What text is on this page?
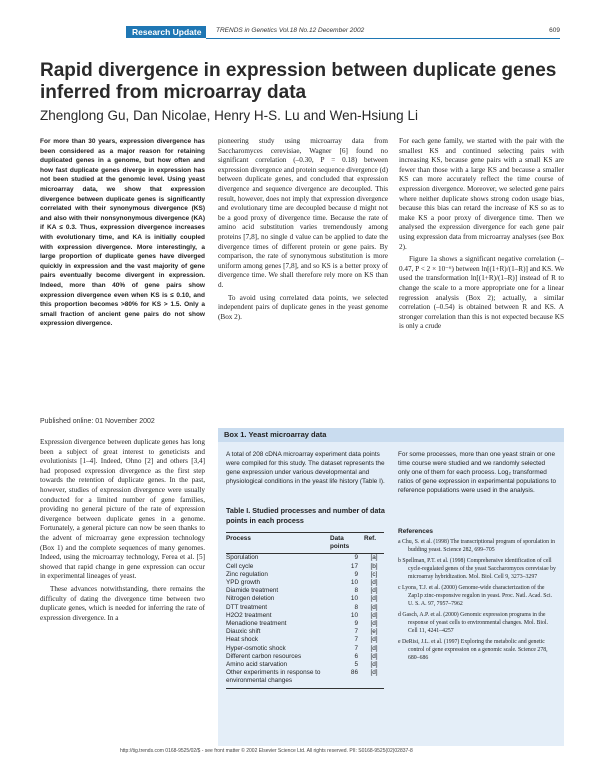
Research Update	TRENDS in Genetics Vol.18 No.12 December 2002	609
Rapid divergence in expression between duplicate genes inferred from microarray data
Zhenglong Gu, Dan Nicolae, Henry H-S. Lu and Wen-Hsiung Li
For more than 30 years, expression divergence has been considered as a major reason for retaining duplicated genes in a genome, but how often and how fast duplicate genes diverge in expression has not been studied at the genomic level. Using yeast microarray data, we show that expression divergence between duplicate genes is significantly correlated with their synonymous divergence (KS) and also with their nonsynonymous divergence (KA) if KA ≤ 0.3. Thus, expression divergence increases with evolutionary time, and KA is initially coupled with expression divergence. More interestingly, a large proportion of duplicate genes have diverged quickly in expression and the vast majority of gene pairs eventually become divergent in expression. Indeed, more than 40% of gene pairs show expression divergence even when KS is ≤ 0.10, and this proportion becomes >80% for KS > 1.5. Only a small fraction of ancient gene pairs do not show expression divergence.
Published online: 01 November 2002

Expression divergence between duplicate genes has long been a subject of great interest to geneticists and evolutionists [1–4]. Indeed, Ohno [2] and others [3,4] had proposed expression divergence as the first step towards the retention of duplicate genes. In the past, however, studies of expression divergence were usually conducted for a limited number of gene families, providing no general picture of the rate of expression divergence between duplicate genes in a genome. Fortunately, a general picture can now be seen thanks to the advent of microarray gene expression technology (Box 1) and the complete sequences of many genomes. Indeed, using the microarray technology, Ferea et al. [5] showed that rapid change in gene expression can occur in experimental lineages of yeast.

These advances notwithstanding, there remains the difficulty of dating the divergence time between two duplicate genes, which is needed for inferring the rate of expression divergence. In a

pioneering study using microarray data from Saccharomyces cerevisiae, Wagner [6] found no significant correlation (–0.30, P = 0.18) between expression divergence and protein sequence divergence (d) between duplicate genes, and concluded that expression divergence and sequence divergence are decoupled. This result, however, does not imply that expression divergence and evolutionary time are decoupled because d might not be a good proxy of divergence time. Because the rate of amino acid substitution varies tremendously among proteins [7,8], no single d value can be applied to date the divergence times of different protein or gene pairs. By comparison, the rate of synonymous substitution is more uniform among genes [7,8], and so KS is a better proxy of divergence time. We shall therefore rely more on KS than d.

To avoid using correlated data points, we selected independent pairs of duplicate genes in the yeast genome (Box 2).

For each gene family, we started with the pair with the smallest KS and continued selecting pairs with increasing KS, because gene pairs with a small KS are fewer than those with a large KS and because a smaller KS can more accurately reflect the time course of expression divergence. Moreover, we selected gene pairs where neither duplicate shows strong codon usage bias, because this bias can retard the increase of KS so as to make KS a poor proxy of divergence time. Then we analysed the expression divergence for each gene pair using expression data from microarray analyses (see Box 2).

Figure 1a shows a significant negative correlation (–0.47, P < 2 × 10⁻⁶) between ln[(1+R)/(1–R)] and KS. We used the transformation ln[(1+R)/(1–R)] instead of R to change the scale to a more appropriate one for a linear regression analysis (Box 2); actually, a similar correlation (–0.54) is obtained between R and KS. A stronger correlation than this is not expected because KS is only a crude

Box 1. Yeast microarray data
A total of 208 cDNA microarray experiment data points were compiled for this study. The dataset represents the gene expression under various developmental and physiological conditions in the yeast life history (Table I).
For some processes, more than one yeast strain or one time course were studied and we randomly selected only one of them for each process. Log₂ transformed ratios of gene expression in experimental populations to reference populations were used in the analysis.
Table I. Studied processes and number of data points in each process
Process	Data points	Ref.
Sporulation	9	[a]
Cell cycle	17	[b]
Zinc regulation	9	[c]
YPD growth	10	[d]
Diamide treatment	8	[d]
Nitrogen deletion	10	[d]
DTT treatment	8	[d]
H2O2 treatment	10	[d]
Menadione treatment	9	[d]
Diauxic shift	7	[e]
Heat shock	7	[d]
Hyper-osmotic shock	7	[d]
Different carbon resources	6	[d]
Amino acid starvation	5	[d]
Other experiments in response to environmental changes	86	[d]
References
a Chu, S. et al. (1998) The transcriptional program of sporulation in budding yeast. Science 282, 699–705
b Spellman, P.T. et al. (1998) Comprehensive identification of cell cycle-regulated genes of the yeast Saccharomyces cerevisiae by microarray hybridization. Mol. Biol. Cell 9, 3273–3297
c Lyons, T.J. et al. (2000) Genome-wide characterization of the Zap1p zinc-responsive regulon in yeast. Proc. Natl. Acad. Sci. U. S. A. 97, 7957–7962
d Gasch, A.P. et al. (2000) Genomic expression programs in the response of yeast cells to environmental changes. Mol. Biol. Cell 11, 4241–4257
e DeRisi, J.L. et al. (1997) Exploring the metabolic and genetic control of gene expression on a genomic scale. Science 278, 680–686
http://tig.trends.com 0168-9525/02/$ - see front matter © 2002 Elsevier Science Ltd. All rights reserved. PII: S0168-9525(02)02837-8
